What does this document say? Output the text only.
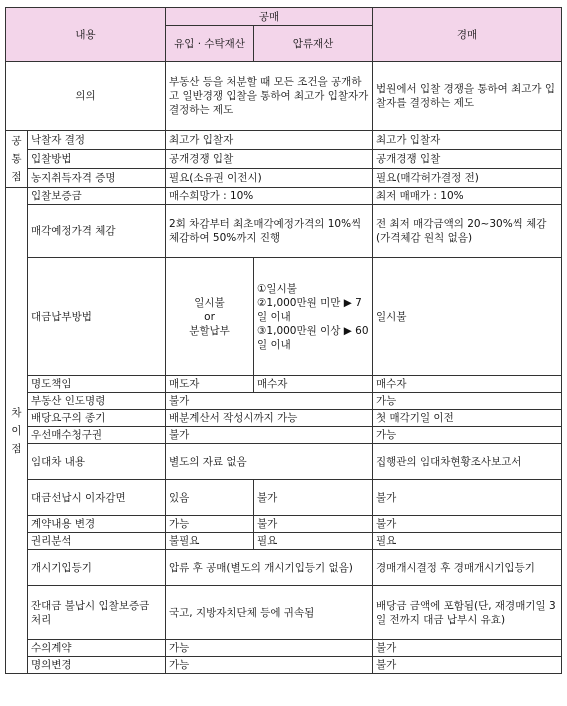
내용		공매		경매
		유입 · 수탁재산	압류재산	
의의		부동산 등을 처분할 때 모든 조건을 공개하고 일반경쟁 입찰을 통하여 최고가 입찰자가 결정하는 제도		법원에서 입찰 경쟁을 통하여 최고가 입찰자를 결정하는 제도
공통점	낙찰자 결정	최고가 입찰자		최고가 입찰자
	입찰방법	공개경쟁 입찰		공개경쟁 입찰
	농지취득자격 증명	필요(소유권 이전시)		필요(매각허가결정 전)
차이점	입찰보증금	매수희망가 : 10%		최저 매매가 : 10%
	매각예정가격 체감	2회 차감부터 최초매각예정가격의 10%씩 체감하여 50%까지 진행		전 최저 매각금액의 20~30%씩 체감(가격체감 원칙 없음)
	대금납부방법	일시불
or
분할납부	①일시불
②1,000만원 미만 ▶ 7일 이내
③1,000만원 이상 ▶ 60일 이내	일시불
	명도책임	매도자	매수자	매수자
	부동산 인도명령	불가		가능
	배당요구의 종기	배분계산서 작성시까지 가능		첫 매각기일 이전
	우선매수청구권	불가		가능
	임대차 내용	별도의 자료 없음		집행관의 임대차현황조사보고서
	대금선납시 이자감면	있음	불가	불가
	계약내용 변경	가능	불가	불가
	권리분석	불필요	필요	필요
	개시기입등기	압류 후 공매(별도의 개시기입등기 없음)		경매개시결정 후 경매개시기입등기
	잔대금 불납시 입찰보증금 처리	국고, 지방자치단체 등에 귀속됨		배당금 금액에 포함됨(단, 재경매기일 3일 전까지 대금 납부시 유효)
	수의계약	가능		불가
	명의변경	가능		불가
